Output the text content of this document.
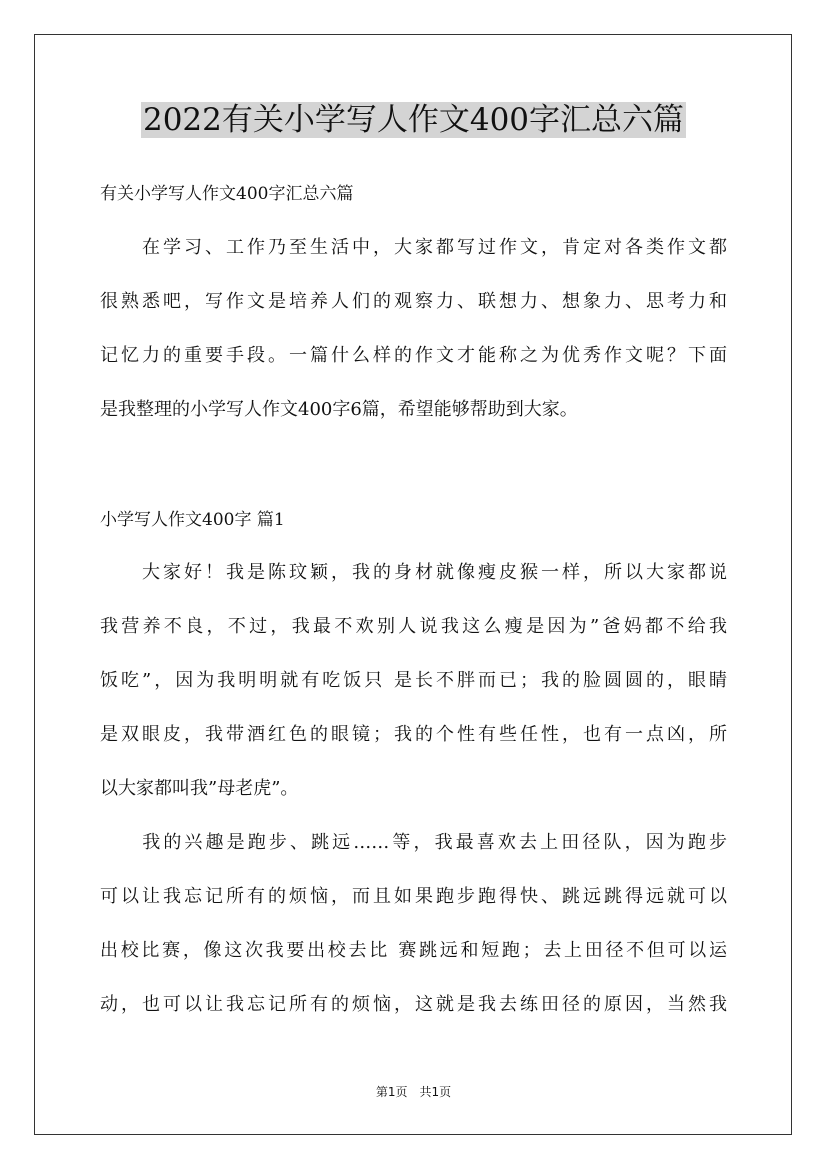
2022有关小学写人作文400字汇总六篇
有关小学写人作文400字汇总六篇
　　在学习、工作乃至生活中，大家都写过作文，肯定对各类作文都
很熟悉吧，写作文是培养人们的观察力、联想力、想象力、思考力和
记忆力的重要手段。一篇什么样的作文才能称之为优秀作文呢？下面
是我整理的小学写人作文400字6篇，希望能够帮助到大家。
小学写人作文400字 篇1
　　大家好！我是陈玟颖，我的身材就像瘦皮猴一样，所以大家都说
我营养不良，不过，我最不欢别人说我这么瘦是因为”爸妈都不给我
饭吃”，因为我明明就有吃饭只 是长不胖而已；我的脸圆圆的，眼睛
是双眼皮，我带酒红色的眼镜；我的个性有些任性，也有一点凶，所
以大家都叫我”母老虎”。
　　我的兴趣是跑步、跳远……等，我最喜欢去上田径队，因为跑步
可以让我忘记所有的烦恼，而且如果跑步跑得快、跳远跳得远就可以
出校比赛，像这次我要出校去比 赛跳远和短跑；去上田径不但可以运
动，也可以让我忘记所有的烦恼，这就是我去练田径的原因，当然我
第1页　共1页
